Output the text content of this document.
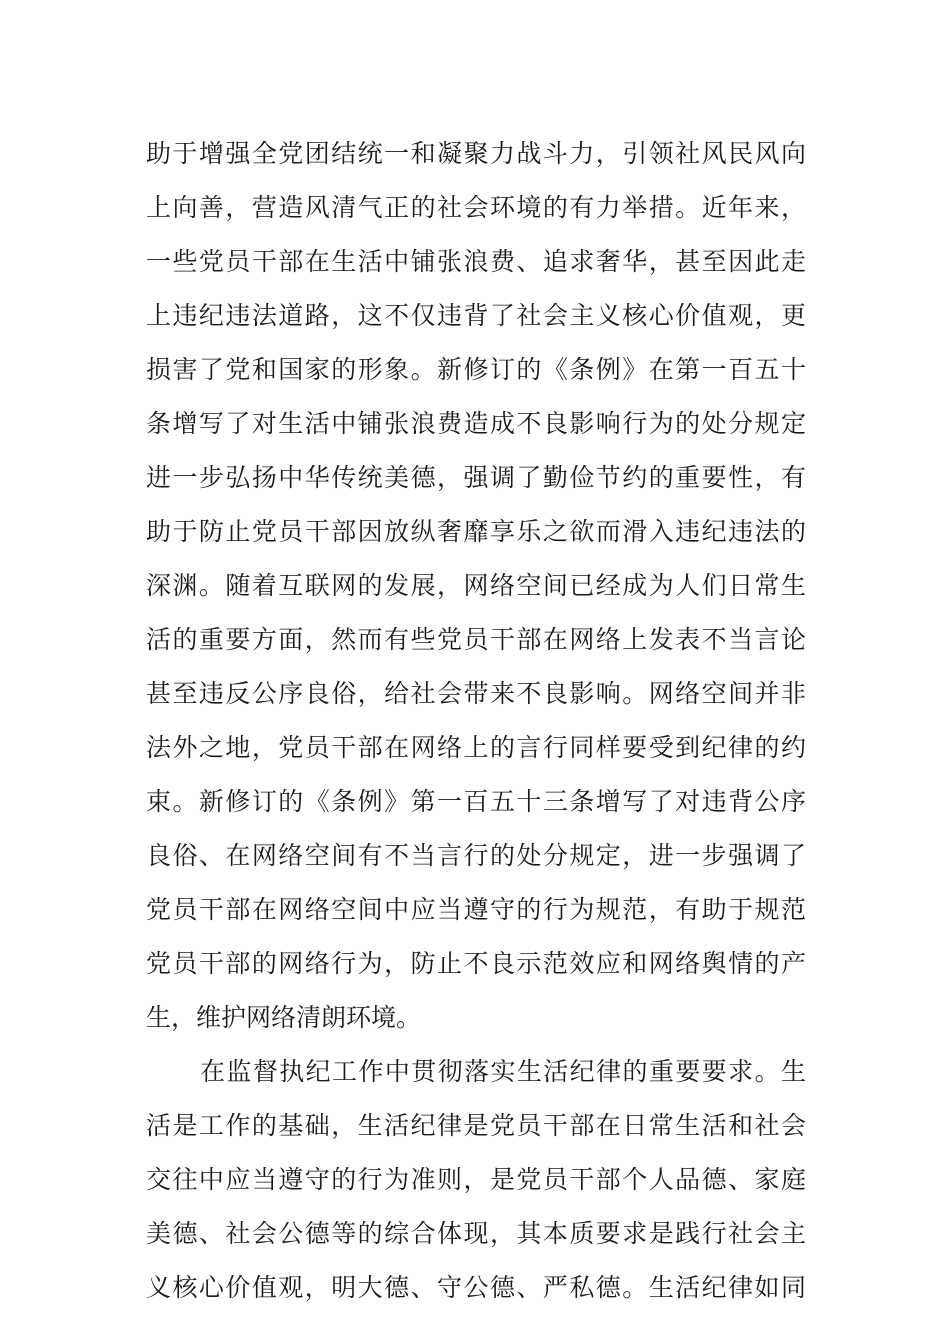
助于增强全党团结统一和凝聚力战斗力，引领社风民风向
上向善，营造风清气正的社会环境的有力举措。近年来，
一些党员干部在生活中铺张浪费、追求奢华，甚至因此走
上违纪违法道路，这不仅违背了社会主义核心价值观，更
损害了党和国家的形象。新修订的《条例》在第一百五十
条增写了对生活中铺张浪费造成不良影响行为的处分规定
进一步弘扬中华传统美德，强调了勤俭节约的重要性，有
助于防止党员干部因放纵奢靡享乐之欲而滑入违纪违法的
深渊。随着互联网的发展，网络空间已经成为人们日常生
活的重要方面，然而有些党员干部在网络上发表不当言论
甚至违反公序良俗，给社会带来不良影响。网络空间并非
法外之地，党员干部在网络上的言行同样要受到纪律的约
束。新修订的《条例》第一百五十三条增写了对违背公序
良俗、在网络空间有不当言行的处分规定，进一步强调了
党员干部在网络空间中应当遵守的行为规范，有助于规范
党员干部的网络行为，防止不良示范效应和网络舆情的产
生，维护网络清朗环境。
在监督执纪工作中贯彻落实生活纪律的重要要求。生
活是工作的基础，生活纪律是党员干部在日常生活和社会
交往中应当遵守的行为准则，是党员干部个人品德、家庭
美德、社会公德等的综合体现，其本质要求是践行社会主
义核心价值观，明大德、守公德、严私德。生活纪律如同
